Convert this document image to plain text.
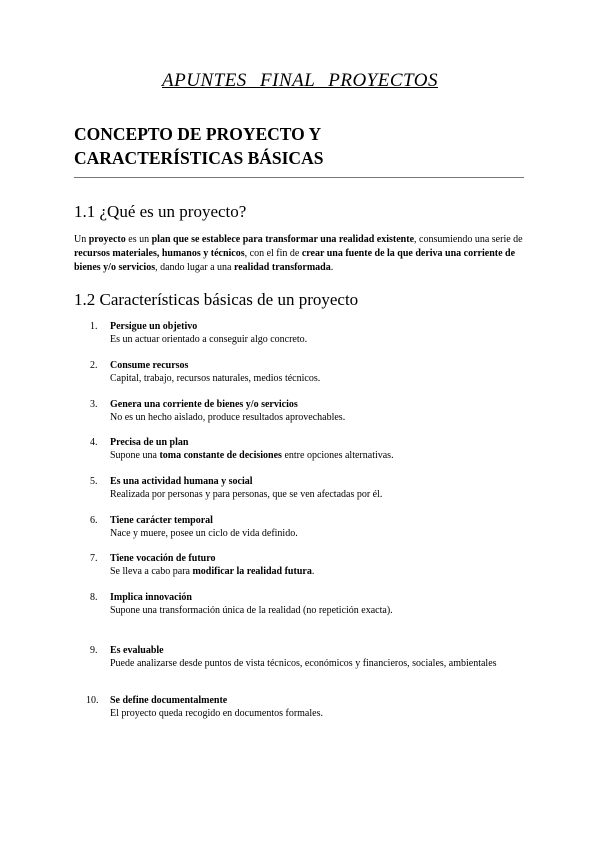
APUNTES FINAL PROYECTOS
CONCEPTO DE PROYECTO Y
CARACTERÍSTICAS BÁSICAS
1.1 ¿Qué es un proyecto?

Un proyecto es un plan que se establece para transformar una realidad existente, consumiendo una serie de recursos materiales, humanos y técnicos, con el fin de crear una fuente de la que deriva una corriente de bienes y/o servicios, dando lugar a una realidad transformada.

1.2 Características básicas de un proyecto
1. Persigue un objetivo
Es un actuar orientado a conseguir algo concreto.
2. Consume recursos
Capital, trabajo, recursos naturales, medios técnicos.
3. Genera una corriente de bienes y/o servicios
No es un hecho aislado, produce resultados aprovechables.
4. Precisa de un plan
Supone una toma constante de decisiones entre opciones alternativas.
5. Es una actividad humana y social
Realizada por personas y para personas, que se ven afectadas por él.
6. Tiene carácter temporal
Nace y muere, posee un ciclo de vida definido.
7. Tiene vocación de futuro
Se lleva a cabo para modificar la realidad futura.
8. Implica innovación
Supone una transformación única de la realidad (no repetición exacta).
9. Es evaluable
Puede analizarse desde puntos de vista técnicos, económicos y financieros, sociales, ambientales
10. Se define documentalmente
El proyecto queda recogido en documentos formales.
